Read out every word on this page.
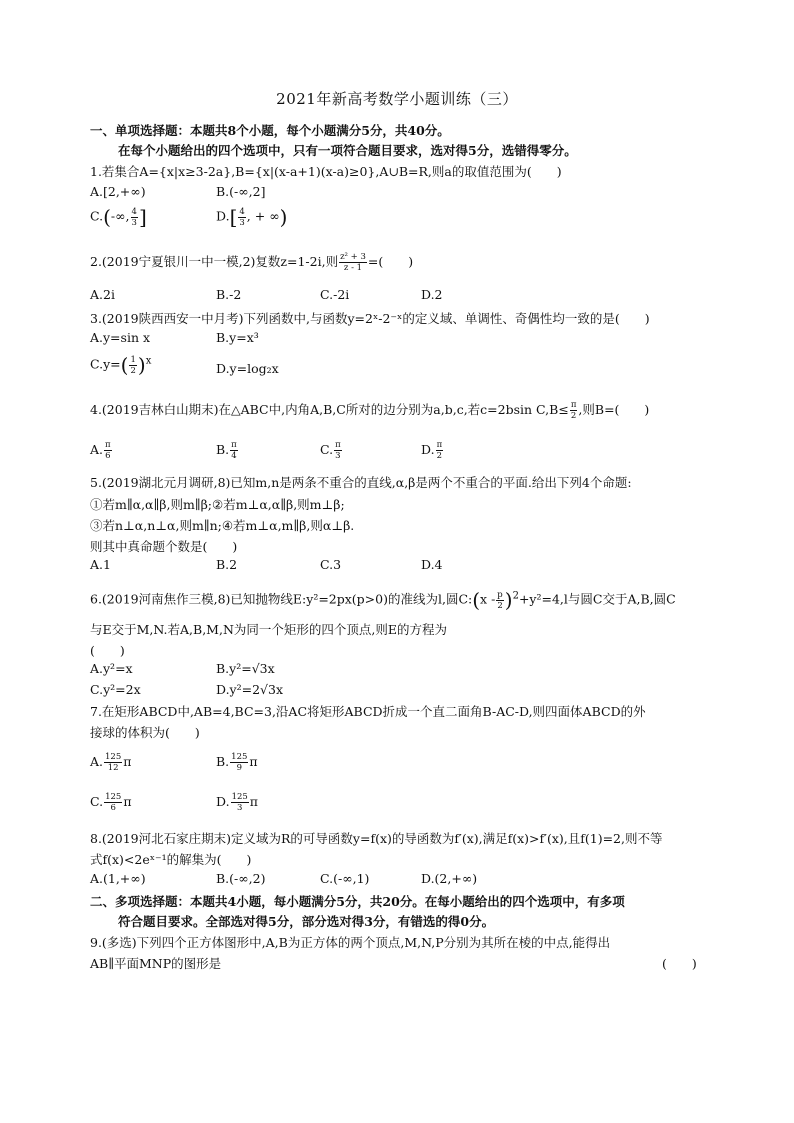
2021年新高考数学小题训练（三）
一、单项选择题：本题共8个小题，每个小题满分5分，共40分。
在每个小题给出的四个选项中，只有一项符合题目要求，选对得5分，选错得零分。
1.若集合A={x|x≥3-2a},B={x|(x-a+1)(x-a)≥0},A∪B=R,则a的取值范围为(　　)
A.[2,+∞)	B.(-∞,2]
C.(-∞, $\frac{4}{3}$ ]	$D.[ \frac{4}{3}$ , + ∞)
2.(2019宁夏银川一中一模,2)复数z=1-2i,则 $\frac{\text{z² + 3}}{z - 1}$ =(　　)
A.2i	B.-2	C.-2i	D.2
3.(2019陕西西安一中月考)下列函数中,与函数y=2ˣ-2⁻ˣ的定义域、单调性、奇偶性均一致的是(　　)
A.y=sin x	B.y=x³
$C.y=( \frac{1}{2} )^x$
D.y=log₂x
4.(2019吉林白山期末)在△ABC中,内角A,B,C所对的边分别为a,b,c,若c=2bsin $C,B\le \frac{\pi}{2}$ ,则B=(　　)
A. $\frac{\pi}{6}$	B. $\frac{\pi}{4}$	C. $\frac{\pi}{3}$	D. $\frac{\pi}{2}$
5.(2019湖北元月调研,8)已知m,n是两条不重合的直线,α,β是两个不重合的平面.给出下列4个命题:
①若m∥α,α∥β,则m∥β;②若m⊥α,α∥β,则m⊥β;
③若n⊥α,n⊥α,则m∥n;④若m⊥α,m∥β,则α⊥β.
则其中真命题个数是(　　)
A.1	B.2	C.3	D.4
6.(2019河南焦作三模,8)已知抛物线E:y²=2px(p>0)的准线为l,圆C:(x - $\frac{p}{2} )^2+y^2=4,l$与圆C交于A,B,圆C
与E交于M,N.若A,B,M,N为同一个矩形的四个顶点,则E的方程为
(　　)
A.y²=x	B.y²=√3x
C.y²=2x	D.y²=2√3x
7.在矩形ABCD中,AB=4,BC=3,沿AC将矩形ABCD折成一个直二面角B-AC-D,则四面体ABCD的外
接球的体积为(　　)
A. $\frac{125}{12}$ π	B. $\frac{125}{9}$ π
C. $\frac{125}{6}$ π	D. $\frac{125}{3}$ π
8.(2019河北石家庄期末)定义域为R的可导函数y=f(x)的导函数为f′(x),满足f(x)>f′(x),且f(1)=2,则不等
式f(x)<2eˣ⁻¹的解集为(　　)
A.(1,+∞)	B.(-∞,2)	C.(-∞,1)	D.(2,+∞)
二、多项选择题：本题共4小题，每小题满分5分，共20分。在每小题给出的四个选项中，有多项
符合题目要求。全部选对得5分，部分选对得3分，有错选的得0分。
9.(多选)下列四个正方体图形中,A,B为正方体的两个顶点,M,N,P分别为其所在棱的中点,能得出
AB∥平面MNP的图形是	(　　)
